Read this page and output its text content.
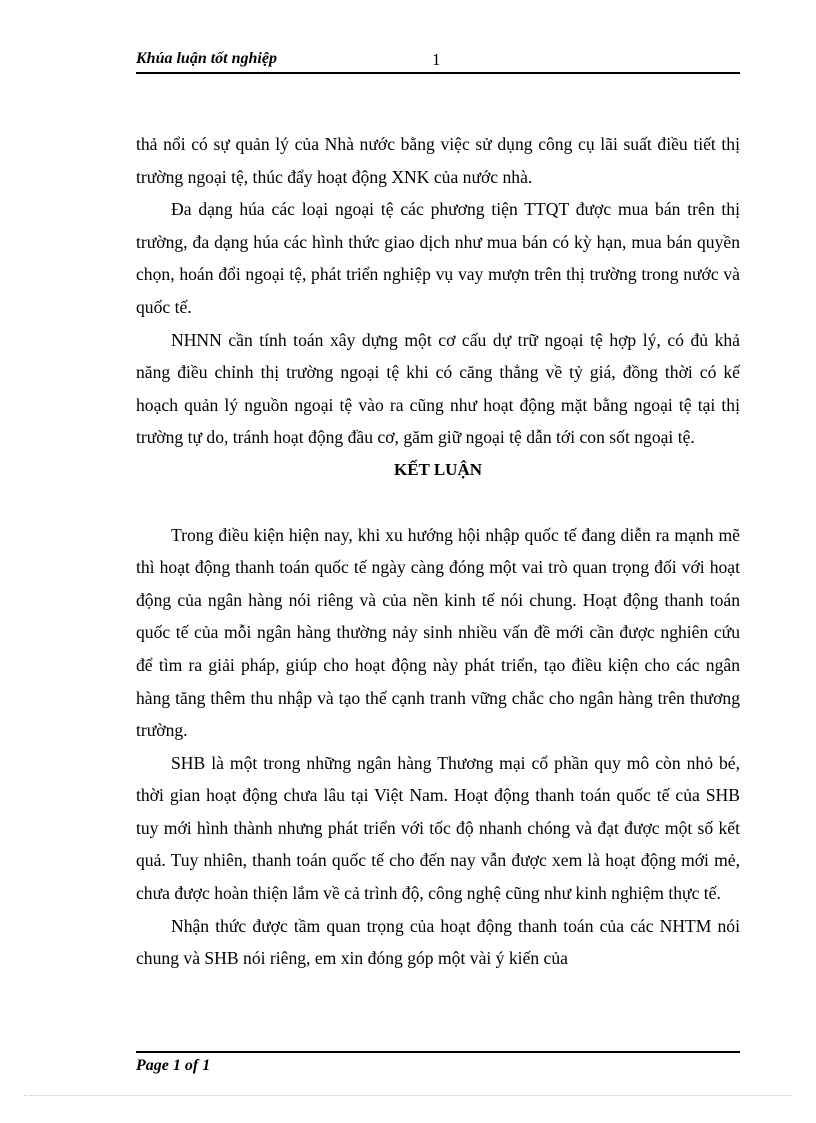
Khúa luận tốt nghiệp	1

thả nổi có sự quản lý của Nhà nước bằng việc sử dụng công cụ lãi suất điều tiết thị trường ngoại tệ, thúc đẩy hoạt động XNK của nước nhà.

Đa dạng húa các loại ngoại tệ các phương tiện TTQT được mua bán trên thị trường, đa dạng húa các hình thức giao dịch như mua bán có kỳ hạn, mua bán quyền chọn, hoán đổi ngoại tệ, phát triển nghiệp vụ vay mượn trên thị trường trong nước và quốc tế.

NHNN cần tính toán xây dựng một cơ cấu dự trữ ngoại tệ hợp lý, có đủ khả năng điều chỉnh thị trường ngoại tệ khi có căng thẳng về tỷ giá, đồng thời có kế hoạch quản lý nguồn ngoại tệ vào ra cũng như hoạt động mặt bằng ngoại tệ tại thị trường tự do, tránh hoạt động đầu cơ, găm giữ ngoại tệ dẫn tới con sốt ngoại tệ.

KẾT LUẬN

Trong điều kiện hiện nay, khi xu hướng hội nhập quốc tế đang diễn ra mạnh mẽ thì hoạt động thanh toán quốc tế ngày càng đóng một vai trò quan trọng đối với hoạt động của ngân hàng nói riêng và của nền kinh tế nói chung. Hoạt động thanh toán quốc tế của mỗi ngân hàng thường nảy sinh nhiều vấn đề mới cần được nghiên cứu để tìm ra giải pháp, giúp cho hoạt động này phát triển, tạo điều kiện cho các ngân hàng tăng thêm thu nhập và tạo thế cạnh tranh vững chắc cho ngân hàng trên thương trường.

SHB là một trong những ngân hàng Thương mại cổ phần quy mô còn nhỏ bé, thời gian hoạt động chưa lâu tại Việt Nam. Hoạt động thanh toán quốc tế của SHB tuy mới hình thành nhưng phát triển với tốc độ nhanh chóng và đạt được một số kết quả. Tuy nhiên, thanh toán quốc tế cho đến nay vẫn được xem là hoạt động mới mẻ, chưa được hoàn thiện lắm về cả trình độ, công nghệ cũng như kinh nghiệm thực tế.

Nhận thức được tầm quan trọng của hoạt động thanh toán của các NHTM nói chung và SHB nói riêng, em xin đóng góp một vài ý kiến của

Page 1 of 1
